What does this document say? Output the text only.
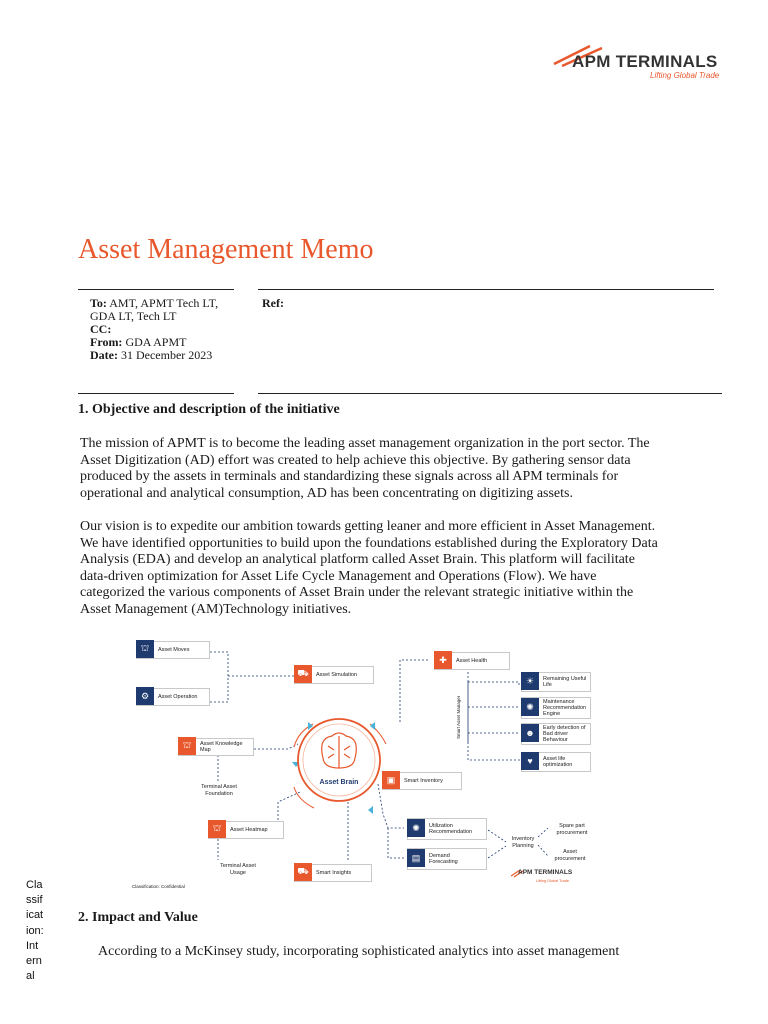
APM TERMINALS
Lifting Global Trade
Asset Management Memo
To: AMT, APMT Tech LT,
GDA LT, Tech LT
CC:
From: GDA APMT
Date: 31 December 2023
Ref:
1. Objective and description of the initiative
The mission of APMT is to become the leading asset management organization in the port sector. The
Asset Digitization (AD) effort was created to help achieve this objective. By gathering sensor data
produced by the assets in terminals and standardizing these signals across all APM terminals for
operational and analytical consumption, AD has been concentrating on digitizing assets.
Our vision is to expedite our ambition towards getting leaner and more efficient in Asset Management.
We have identified opportunities to build upon the foundations established during the Exploratory Data
Analysis (EDA) and develop an analytical platform called Asset Brain. This platform will facilitate
data-driven optimization for Asset Life Cycle Management and Operations (Flow). We have
categorized the various components of Asset Brain under the relevant strategic initiative within the
Asset Management (AM)Technology initiatives.
Asset Brain
⛫	Asset Moves
⚙	Asset Operation
⛟	Asset Simulation
⛫	Asset Knowledge Map
Terminal Asset Foundation
⛫	Asset Heatmap
Terminal Asset Usage	⛟	Smart Insights
Classification: Confidential
✚	Asset Health
Smart Asset Manager
☀	Remaining Useful Life
✺	Maintenance Recommendation Engine
☻	Early detection of Bad driver Behaviour
♥	Asset life optimization
▣	Smart Inventory
✺	Utilization Recommendation
▤	Demand Forecasting
Inventory Planning
Spare part procurement
Asset procurement
APM TERMINALS
Lifting Global Trade
2. Impact and Value
According to a McKinsey study, incorporating sophisticated analytics into asset management
Classification: Internal
